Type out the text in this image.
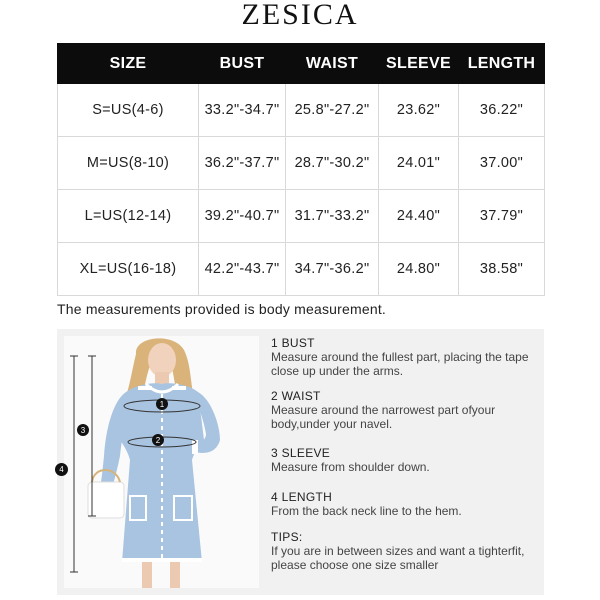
ZESICA
SIZE	BUST	WAIST	SLEEVE	LENGTH
S=US(4-6)	33.2"-34.7"	25.8"-27.2"	23.62"	36.22"
M=US(8-10)	36.2"-37.7"	28.7"-30.2"	24.01"	37.00"
L=US(12-14)	39.2"-40.7"	31.7"-33.2"	24.40"	37.79"
XL=US(16-18)	42.2"-43.7"	34.7"-36.2"	24.80"	38.58"
The measurements provided is body measurement.
1
2
3
4
1 BUST
Measure around the fullest part, placing the tape close up under the arms.
2 WAIST
Measure around the narrowest part ofyour body,under your navel.
3 SLEEVE
Measure from shoulder down.
4 LENGTH
From the back neck line to the hem.
TIPS:
If you are in between sizes and want a tighterfit, please choose one size smaller
